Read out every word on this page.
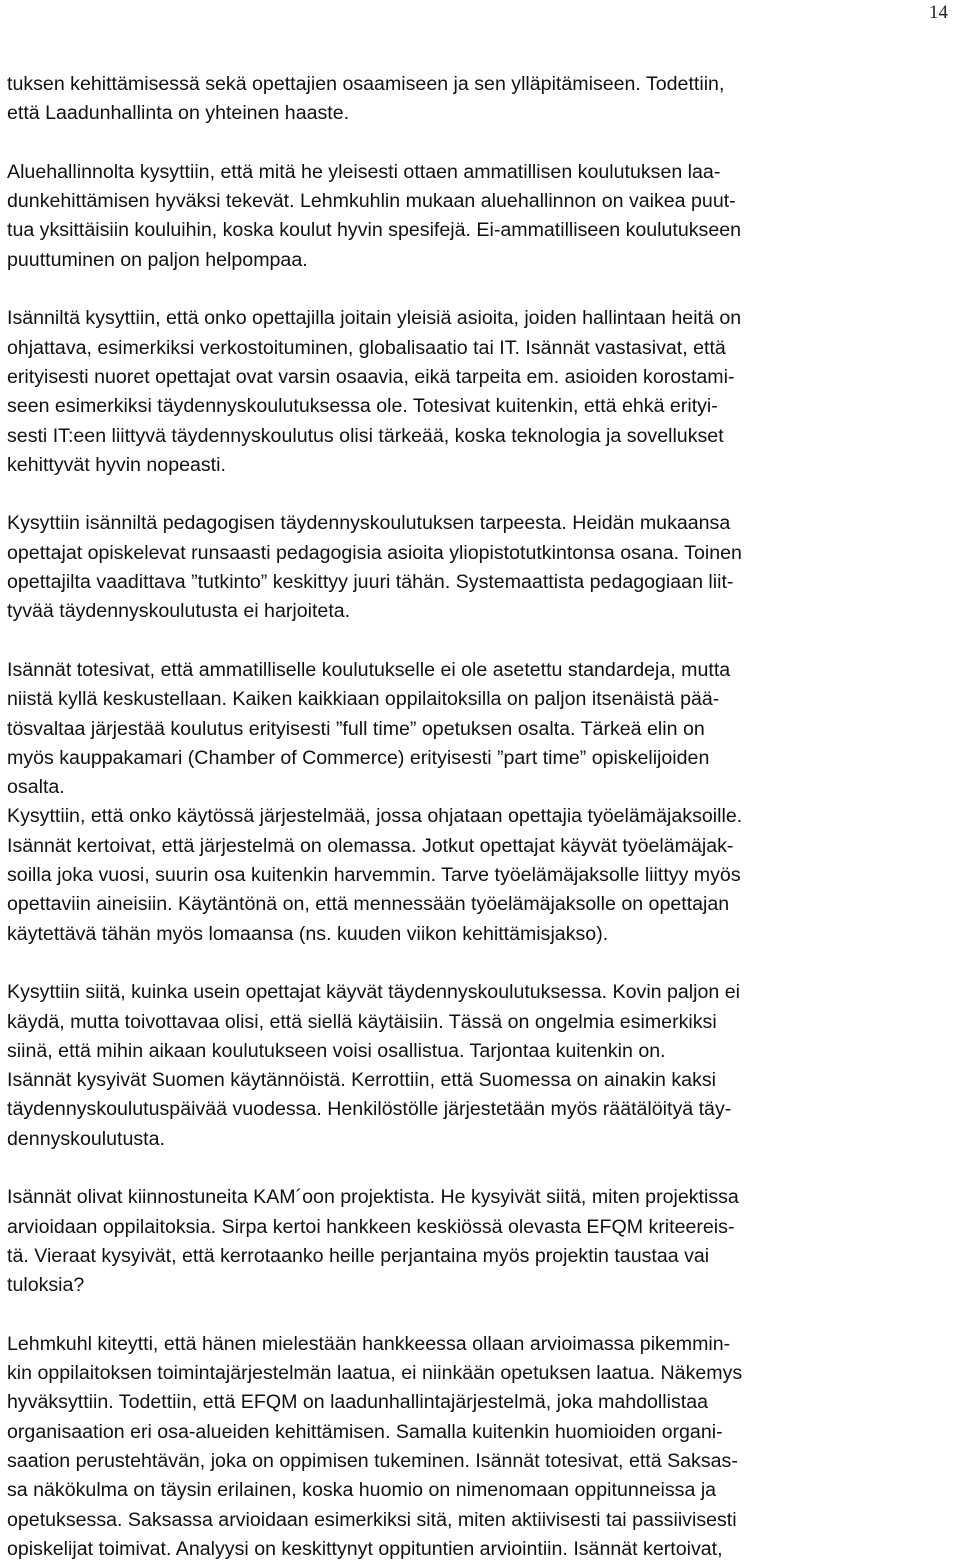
14
tuksen kehittämisessä sekä opettajien osaamiseen ja sen ylläpitämiseen. Todettiin,
että Laadunhallinta on yhteinen haaste.
Aluehallinnolta kysyttiin, että mitä he yleisesti ottaen ammatillisen koulutuksen laa-
dunkehittämisen hyväksi tekevät. Lehmkuhlin mukaan aluehallinnon on vaikea puut-
tua yksittäisiin kouluihin, koska koulut hyvin spesifejä. Ei-ammatilliseen koulutukseen
puuttuminen on paljon helpompaa.
Isänniltä kysyttiin, että onko opettajilla joitain yleisiä asioita, joiden hallintaan heitä on
ohjattava, esimerkiksi verkostoituminen, globalisaatio tai IT. Isännät vastasivat, että
erityisesti nuoret opettajat ovat varsin osaavia, eikä tarpeita em. asioiden korostami-
seen esimerkiksi täydennyskoulutuksessa ole. Totesivat kuitenkin, että ehkä erityi-
sesti IT:een liittyvä täydennyskoulutus olisi tärkeää, koska teknologia ja sovellukset
kehittyvät hyvin nopeasti.
Kysyttiin isänniltä pedagogisen täydennyskoulutuksen tarpeesta. Heidän mukaansa
opettajat opiskelevat runsaasti pedagogisia asioita yliopistotutkintonsa osana. Toinen
opettajilta vaadittava ”tutkinto” keskittyy juuri tähän. Systemaattista pedagogiaan liit-
tyvää täydennyskoulutusta ei harjoiteta.
Isännät totesivat, että ammatilliselle koulutukselle ei ole asetettu standardeja, mutta
niistä kyllä keskustellaan. Kaiken kaikkiaan oppilaitoksilla on paljon itsenäistä pää-
tösvaltaa järjestää koulutus erityisesti ”full time” opetuksen osalta. Tärkeä elin on
myös kauppakamari (Chamber of Commerce) erityisesti ”part time” opiskelijoiden
osalta.
Kysyttiin, että onko käytössä järjestelmää, jossa ohjataan opettajia työelämäjaksoille.
Isännät kertoivat, että järjestelmä on olemassa. Jotkut opettajat käyvät työelämäjak-
soilla joka vuosi, suurin osa kuitenkin harvemmin. Tarve työelämäjaksolle liittyy myös
opettaviin aineisiin. Käytäntönä on, että mennessään työelämäjaksolle on opettajan
käytettävä tähän myös lomaansa (ns. kuuden viikon kehittämisjakso).
Kysyttiin siitä, kuinka usein opettajat käyvät täydennyskoulutuksessa. Kovin paljon ei
käydä, mutta toivottavaa olisi, että siellä käytäisiin. Tässä on ongelmia esimerkiksi
siinä, että mihin aikaan koulutukseen voisi osallistua. Tarjontaa kuitenkin on.
Isännät kysyivät Suomen käytännöistä. Kerrottiin, että Suomessa on ainakin kaksi
täydennyskoulutuspäivää vuodessa. Henkilöstölle järjestetään myös räätälöityä täy-
dennyskoulutusta.
Isännät olivat kiinnostuneita KAM´oon projektista. He kysyivät siitä, miten projektissa
arvioidaan oppilaitoksia. Sirpa kertoi hankkeen keskiössä olevasta EFQM kriteereis-
tä. Vieraat kysyivät, että kerrotaanko heille perjantaina myös projektin taustaa vai
tuloksia?
Lehmkuhl kiteytti, että hänen mielestään hankkeessa ollaan arvioimassa pikemmin-
kin oppilaitoksen toimintajärjestelmän laatua, ei niinkään opetuksen laatua. Näkemys
hyväksyttiin. Todettiin, että EFQM on laadunhallintajärjestelmä, joka mahdollistaa
organisaation eri osa-alueiden kehittämisen. Samalla kuitenkin huomioiden organi-
saation perustehtävän, joka on oppimisen tukeminen. Isännät totesivat, että Saksas-
sa näkökulma on täysin erilainen, koska huomio on nimenomaan oppitunneissa ja
opetuksessa. Saksassa arvioidaan esimerkiksi sitä, miten aktiivisesti tai passiivisesti
opiskelijat toimivat. Analyysi on keskittynyt oppituntien arviointiin. Isännät kertoivat,
